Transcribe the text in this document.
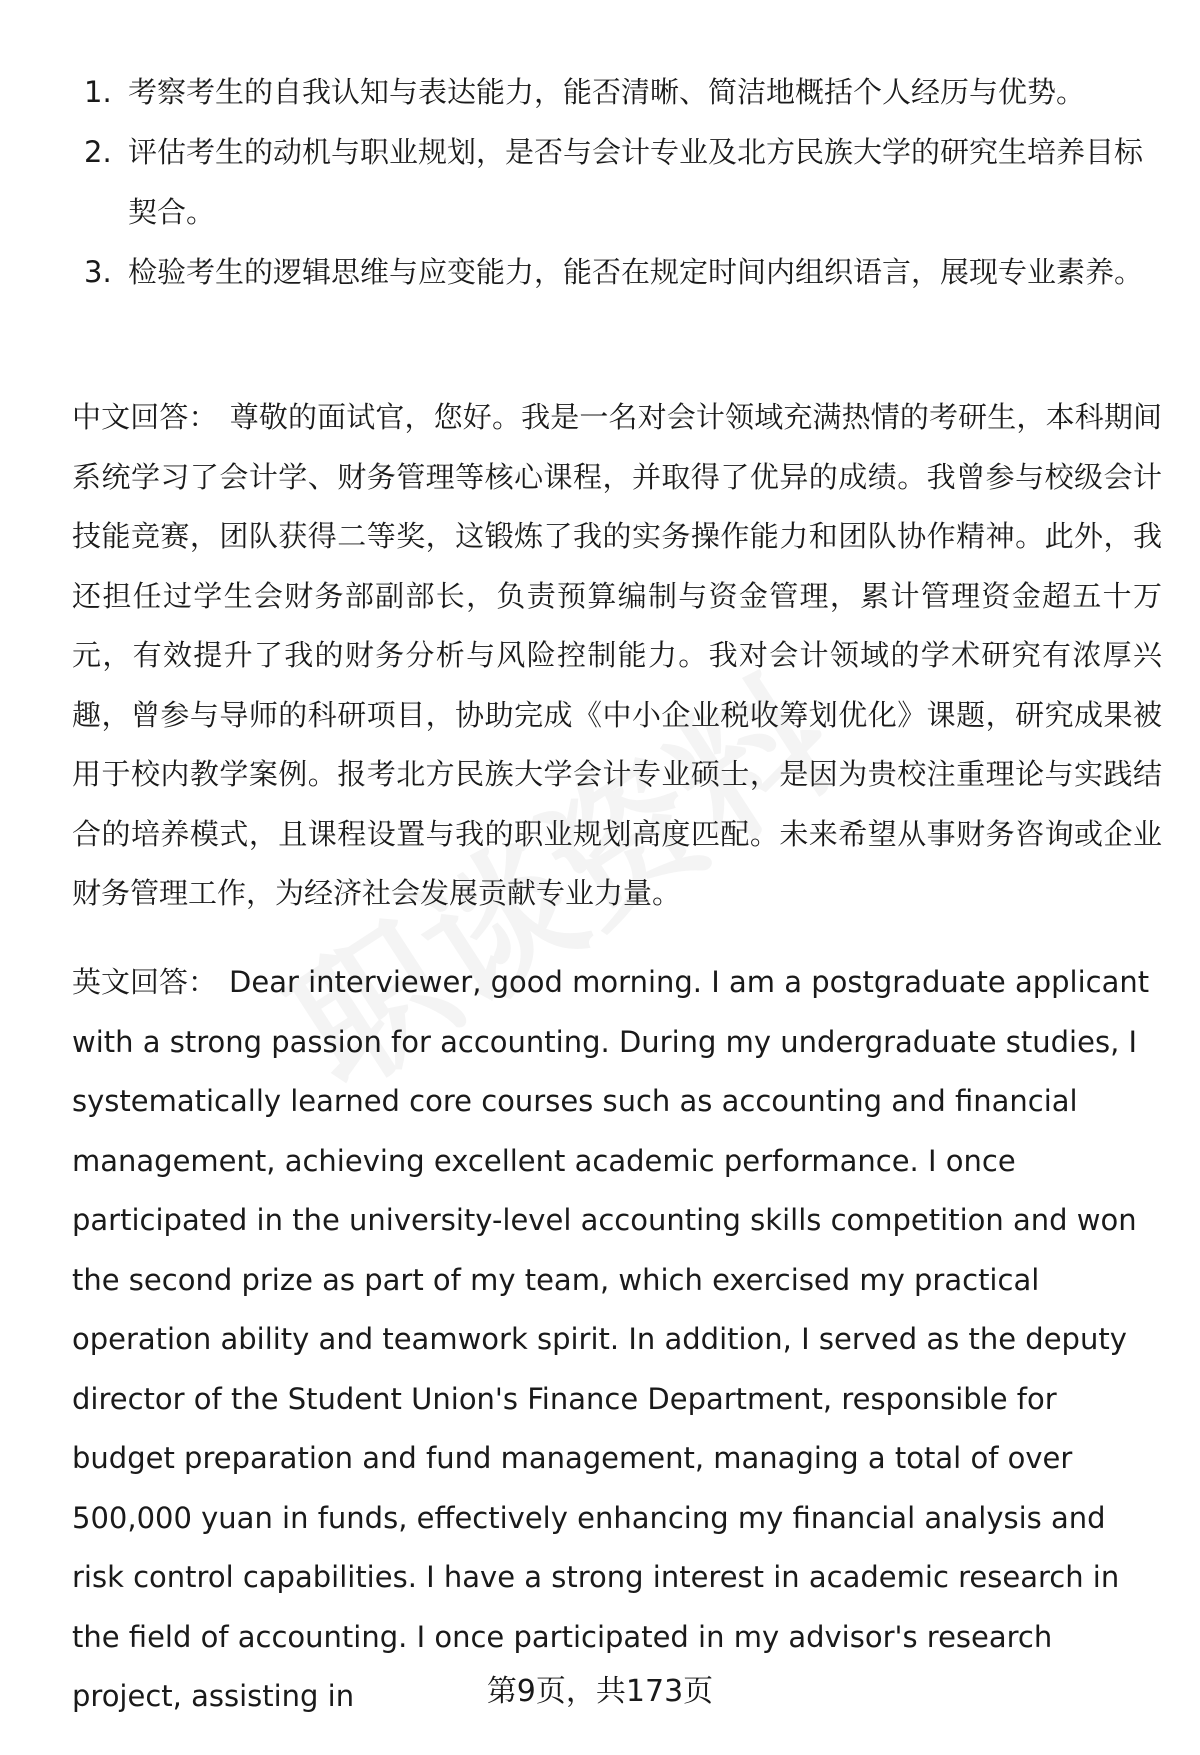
1. 考察考生的自我认知与表达能力，能否清晰、简洁地概括个人经历与优势。
2. 评估考生的动机与职业规划，是否与会计专业及北方民族大学的研究生培养目标契合。
3. 检验考生的逻辑思维与应变能力，能否在规定时间内组织语言，展现专业素养。

中文回答： 尊敬的面试官，您好。我是一名对会计领域充满热情的考研生，本科期间系统学习了会计学、财务管理等核心课程，并取得了优异的成绩。我曾参与校级会计技能竞赛，团队获得二等奖，这锻炼了我的实务操作能力和团队协作精神。此外，我还担任过学生会财务部副部长，负责预算编制与资金管理，累计管理资金超五十万元，有效提升了我的财务分析与风险控制能力。我对会计领域的学术研究有浓厚兴趣，曾参与导师的科研项目，协助完成《中小企业税收筹划优化》课题，研究成果被用于校内教学案例。报考北方民族大学会计专业硕士，是因为贵校注重理论与实践结合的培养模式，且课程设置与我的职业规划高度匹配。未来希望从事财务咨询或企业财务管理工作，为经济社会发展贡献专业力量。

英文回答： Dear interviewer, good morning. I am a postgraduate applicant with a strong passion for accounting. During my undergraduate studies, I systematically learned core courses such as accounting and financial management, achieving excellent academic performance. I once participated in the university-level accounting skills competition and won the second prize as part of my team, which exercised my practical operation ability and teamwork spirit. In addition, I served as the deputy director of the Student Union's Finance Department, responsible for budget preparation and fund management, managing a total of over 500,000 yuan in funds, effectively enhancing my financial analysis and risk control capabilities. I have a strong interest in academic research in the field of accounting. I once participated in my advisor's research project, assisting in	第9页，共173页
